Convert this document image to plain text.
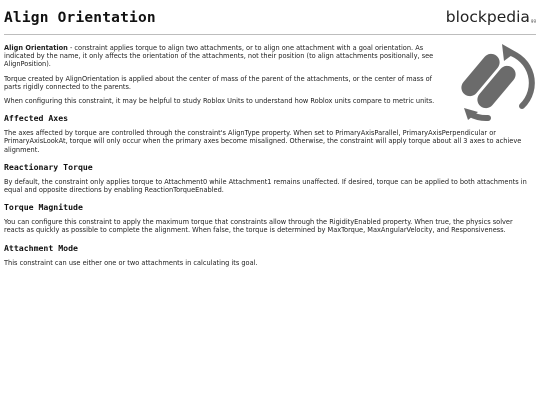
Align Orientation	blockpediagg

Align Orientation - constraint applies torque to align two attachments, or to align one attachment with a goal orientation. As indicated by the name, it only affects the orientation of the attachments, not their position (to align attachments positionally, see AlignPosition).

Torque created by AlignOrientation is applied about the center of mass of the parent of the attachments, or the center of mass of parts rigidly connected to the parents.

When configuring this constraint, it may be helpful to study Roblox Units to understand how Roblox units compare to metric units.

Affected Axes

The axes affected by torque are controlled through the constraint's AlignType property. When set to PrimaryAxisParallel, PrimaryAxisPerpendicular or PrimaryAxisLookAt, torque will only occur when the primary axes become misaligned. Otherwise, the constraint will apply torque about all 3 axes to achieve alignment.

Reactionary Torque

By default, the constraint only applies torque to Attachment0 while Attachment1 remains unaffected. If desired, torque can be applied to both attachments in equal and opposite directions by enabling ReactionTorqueEnabled.

Torque Magnitude

You can configure this constraint to apply the maximum torque that constraints allow through the RigidityEnabled property. When true, the physics solver reacts as quickly as possible to complete the alignment. When false, the torque is determined by MaxTorque, MaxAngularVelocity, and Responsiveness.

Attachment Mode

This constraint can use either one or two attachments in calculating its goal.
